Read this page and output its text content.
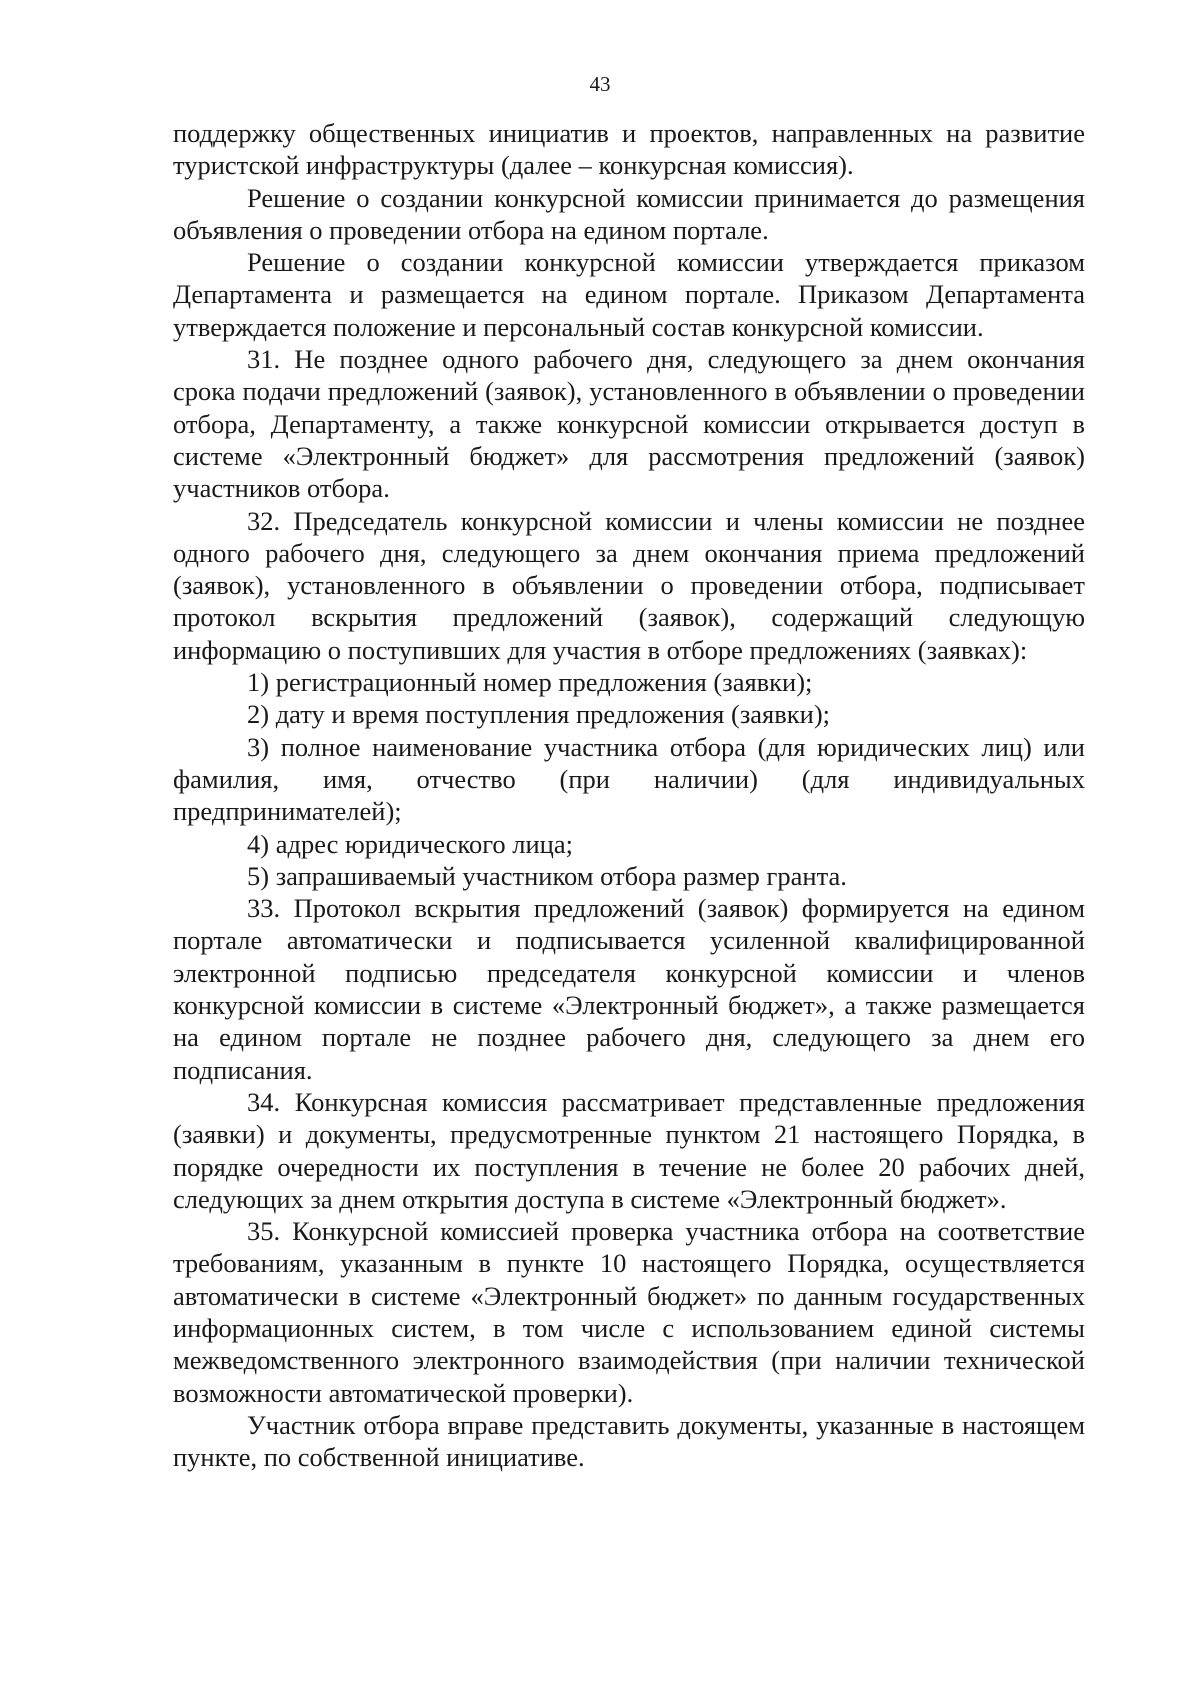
43

поддержку общественных инициатив и проектов, направленных на развитие туристской инфраструктуры (далее – конкурсная комиссия).

Решение о создании конкурсной комиссии принимается до размещения объявления о проведении отбора на едином портале.

Решение о создании конкурсной комиссии утверждается приказом Департамента и размещается на едином портале. Приказом Департамента утверждается положение и персональный состав конкурсной комиссии.

31. Не позднее одного рабочего дня, следующего за днем окончания срока подачи предложений (заявок), установленного в объявлении о проведении отбора, Департаменту, а также конкурсной комиссии открывается доступ в системе «Электронный бюджет» для рассмотрения предложений (заявок) участников отбора.

32. Председатель конкурсной комиссии и члены комиссии не позднее одного рабочего дня, следующего за днем окончания приема предложений (заявок), установленного в объявлении о проведении отбора, подписывает протокол вскрытия предложений (заявок), содержащий следующую информацию о поступивших для участия в отборе предложениях (заявках):

1) регистрационный номер предложения (заявки);

2) дату и время поступления предложения (заявки);

3) полное наименование участника отбора (для юридических лиц) или фамилия, имя, отчество (при наличии) (для индивидуальных предпринимателей);

4) адрес юридического лица;

5) запрашиваемый участником отбора размер гранта.

33. Протокол вскрытия предложений (заявок) формируется на едином портале автоматически и подписывается усиленной квалифицированной электронной подписью председателя конкурсной комиссии и членов конкурсной комиссии в системе «Электронный бюджет», а также размещается на едином портале не позднее рабочего дня, следующего за днем его подписания.

34. Конкурсная комиссия рассматривает представленные предложения (заявки) и документы, предусмотренные пунктом 21 настоящего Порядка, в порядке очередности их поступления в течение не более 20 рабочих дней, следующих за днем открытия доступа в системе «Электронный бюджет».

35. Конкурсной комиссией проверка участника отбора на соответствие требованиям, указанным в пункте 10 настоящего Порядка, осуществляется автоматически в системе «Электронный бюджет» по данным государственных информационных систем, в том числе с использованием единой системы межведомственного электронного взаимодействия (при наличии технической возможности автоматической проверки).

Участник отбора вправе представить документы, указанные в настоящем пункте, по собственной инициативе.
